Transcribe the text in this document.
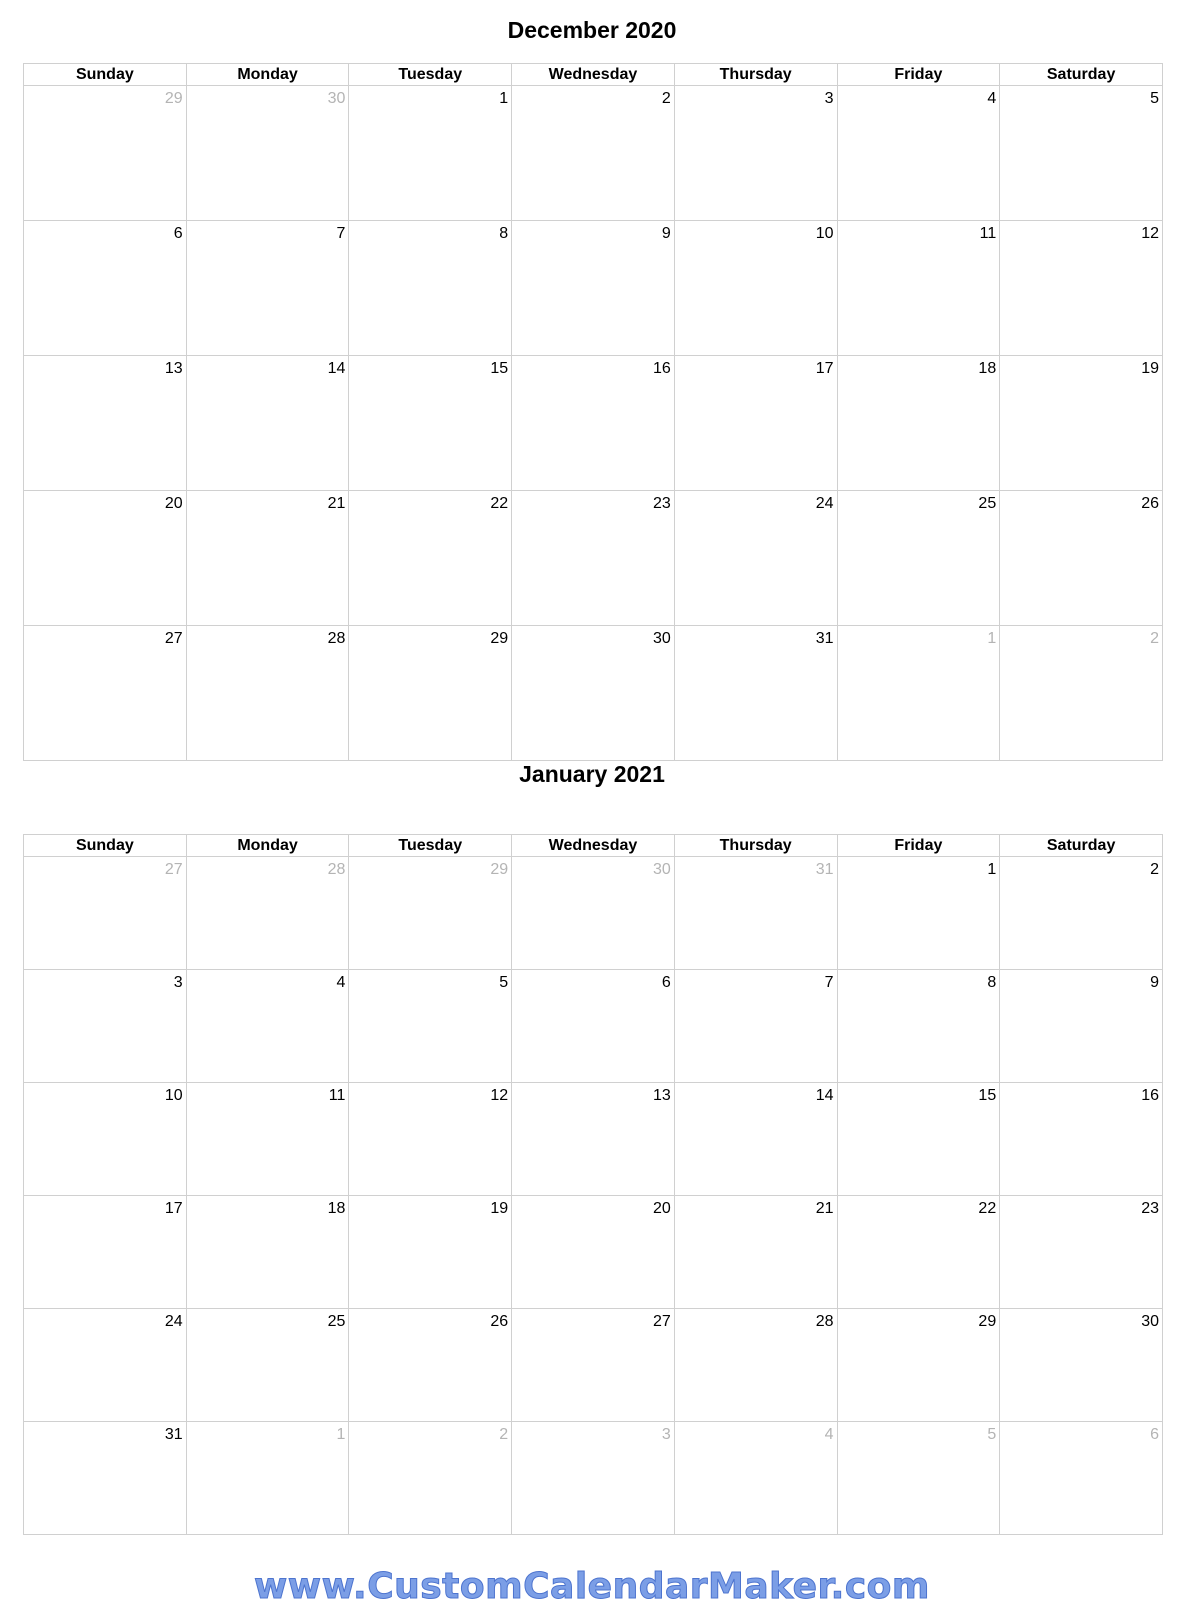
December 2020
Sunday	Monday	Tuesday	Wednesday	Thursday	Friday	Saturday

29	30	1	2	3	4	5

6	7	8	9	10	11	12

13	14	15	16	17	18	19

20	21	22	23	24	25	26

27	28	29	30	31	1	2
January 2021
Sunday	Monday	Tuesday	Wednesday	Thursday	Friday	Saturday

27	28	29	30	31	1	2

3	4	5	6	7	8	9

10	11	12	13	14	15	16

17	18	19	20	21	22	23

24	25	26	27	28	29	30

31	1	2	3	4	5	6
www.CustomCalendarMaker.com
